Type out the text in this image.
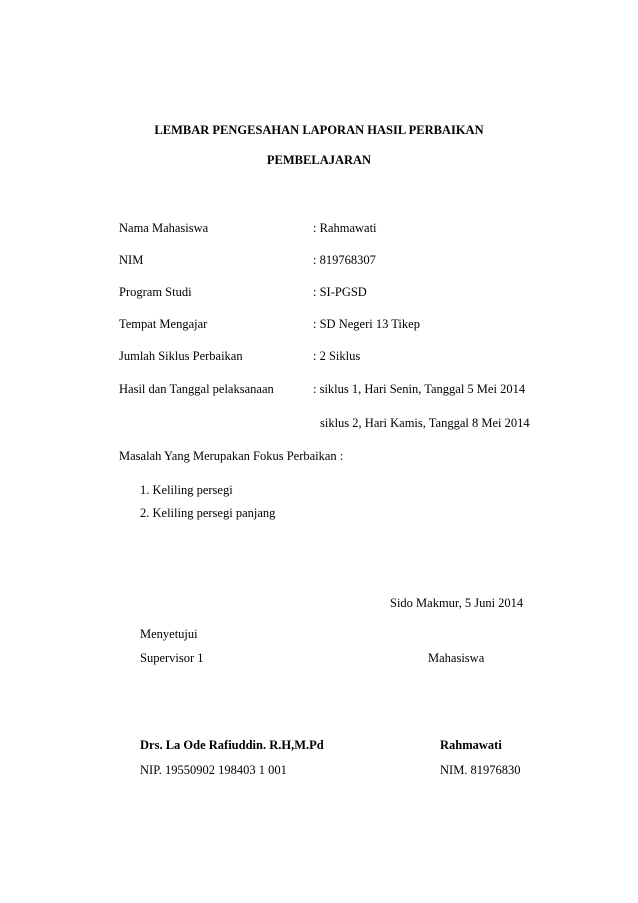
LEMBAR PENGESAHAN LAPORAN HASIL PERBAIKAN
PEMBELAJARAN
Nama Mahasiswa	: Rahmawati
NIM	: 819768307
Program Studi	: SI-PGSD
Tempat Mengajar	: SD Negeri 13 Tikep
Jumlah Siklus Perbaikan	: 2 Siklus
Hasil dan Tanggal pelaksanaan	: siklus 1, Hari Senin, Tanggal 5 Mei 2014
siklus 2, Hari Kamis, Tanggal 8 Mei 2014
Masalah Yang Merupakan Fokus Perbaikan :
1. Keliling persegi
2. Keliling persegi panjang
Sido Makmur, 5 Juni 2014
Menyetujui
Supervisor 1	Mahasiswa
Drs. La Ode Rafiuddin. R.H,M.Pd	Rahmawati
NIP. 19550902 198403 1 001	NIM. 81976830
